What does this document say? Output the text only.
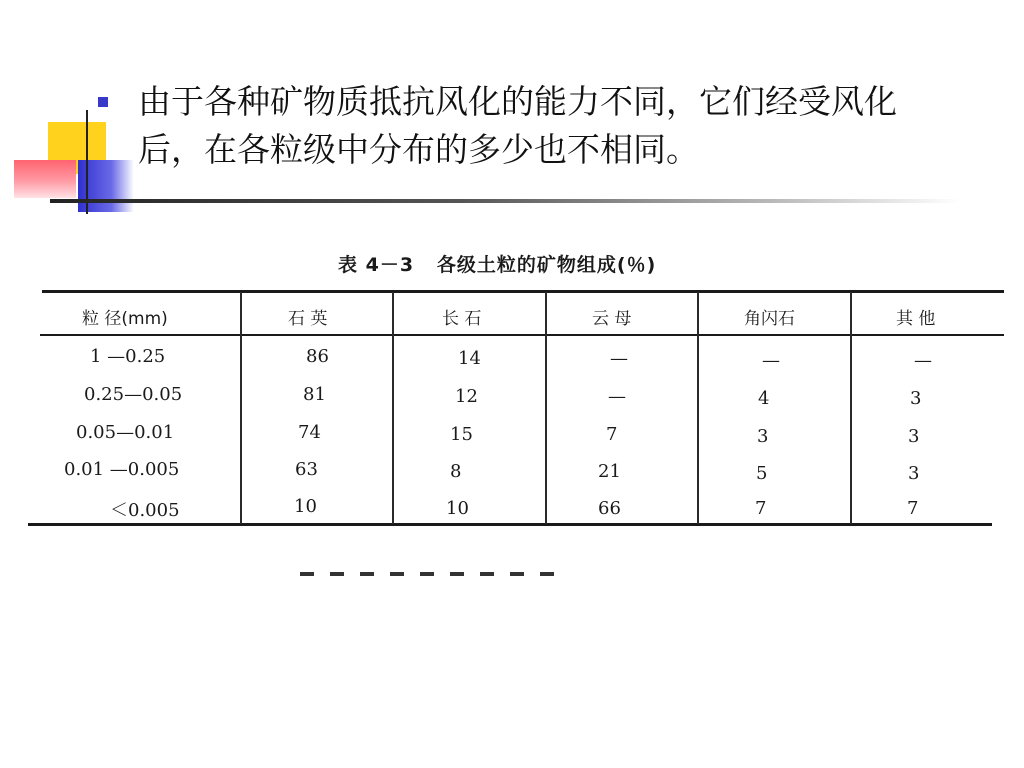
由于各种矿物质抵抗风化的能力不同，它们经受风化后，在各粒级中分布的多少也不相同。

表 4－3   各级土粒的矿物组成(％)
粒 径(mm)	石 英	长 石	云 母	角闪石	其 他
1 —0.25	86	14	—	—	—
0.25—0.05	81	12	—	4	3
0.05—0.01	74	15	7	3	3
0.01 —0.005	63	8	21	5	3
＜0.005	10	10	66	7	7
